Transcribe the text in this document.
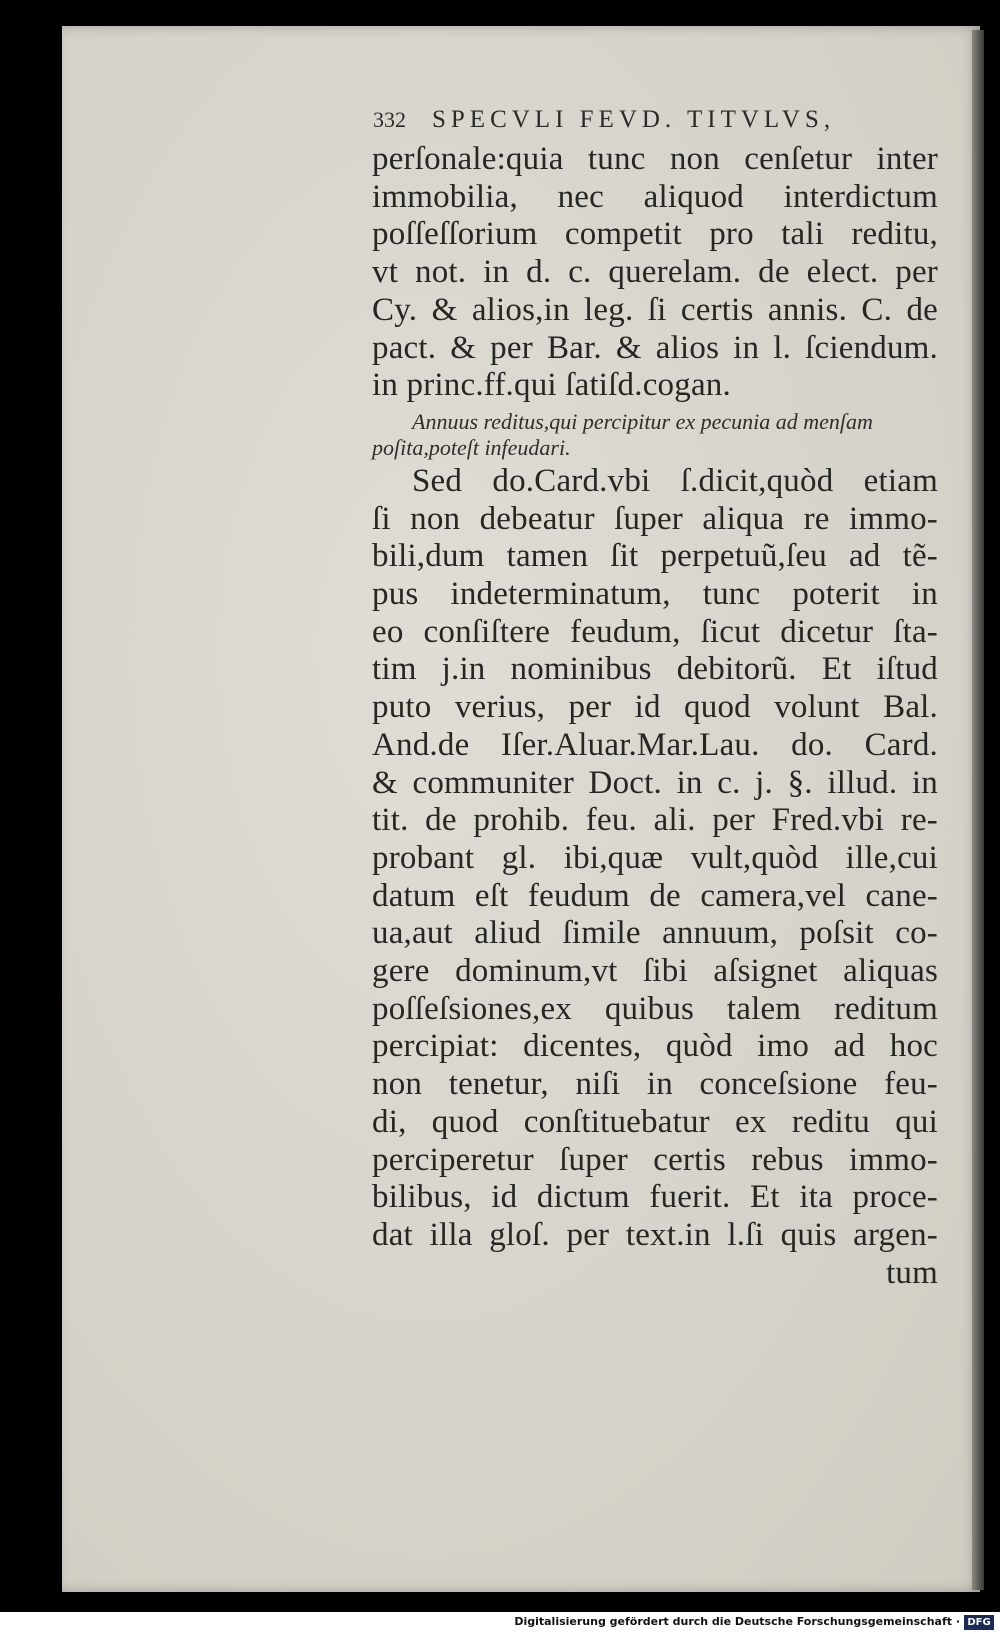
332 SPECVLI FEVD. TITVLVS,
perſonale:quia tunc non cenſetur inter
immobilia, nec aliquod interdictum
poſſeſſorium competit pro tali reditu,
vt not. in d. c. querelam. de elect. per
Cy. & alios,in leg. ſi certis annis. C. de
pact. & per Bar. & alios in l. ſciendum.
in princ.ff.qui ſatiſd.cogan.
Annuus reditus,qui percipitur ex pecunia ad menſam
poſita,poteſt infeudari.
Sed do.Card.vbi ſ.dicit,quòd etiam
ſi non debeatur ſuper aliqua re immo-
bili,dum tamen ſit perpetuũ,ſeu ad tẽ-
pus indeterminatum, tunc poterit in
eo conſiſtere feudum, ſicut dicetur ſta-
tim j.in nominibus debitorũ. Et iſtud
puto verius, per id quod volunt Bal.
And.de Iſer.Aluar.Mar.Lau. do. Card.
& communiter Doct. in c. j. §. illud. in
tit. de prohib. feu. ali. per Fred.vbi re-
probant gl. ibi,quæ vult,quòd ille,cui
datum eſt feudum de camera,vel cane-
ua,aut aliud ſimile annuum, poſsit co-
gere dominum,vt ſibi aſsignet aliquas
poſſeſsiones,ex quibus talem reditum
percipiat: dicentes, quòd imo ad hoc
non tenetur, niſi in conceſsione feu-
di, quod conſtituebatur ex reditu qui
perciperetur ſuper certis rebus immo-
bilibus, id dictum fuerit. Et ita proce-
dat illa gloſ. per text.in l.ſi quis argen-
tum
Digitalisierung gefördert durch die Deutsche Forschungsgemeinschaft · DFG
